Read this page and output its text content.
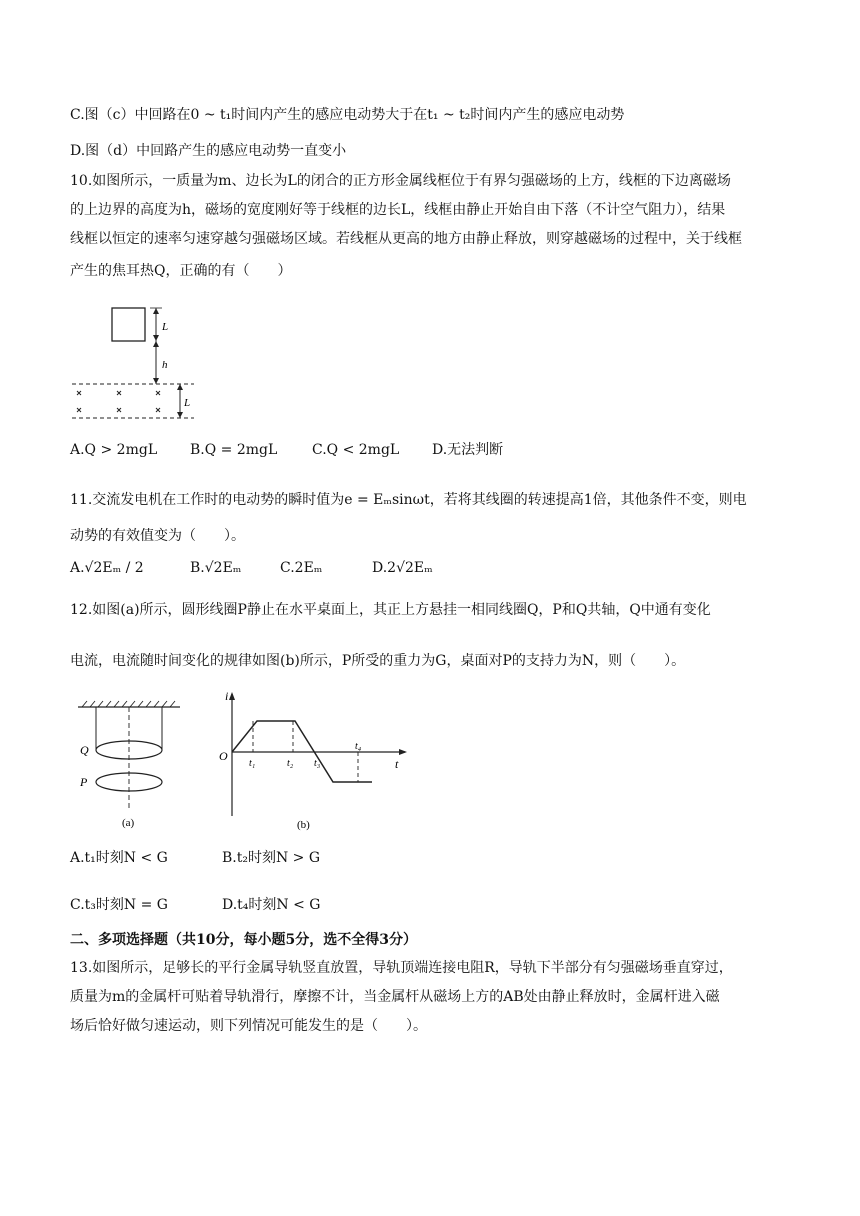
C.图（c）中回路在0 ~ t₁时间内产生的感应电动势大于在t₁ ~ t₂时间内产生的感应电动势
D.图（d）中回路产生的感应电动势一直变小
10.如图所示，一质量为m、边长为L的闭合的正方形金属线框位于有界匀强磁场的上方，线框的下边离磁场
的上边界的高度为h，磁场的宽度刚好等于线框的边长L，线框由静止开始自由下落（不计空气阻力），结果
线框以恒定的速率匀速穿越匀强磁场区域。若线框从更高的地方由静止释放，则穿越磁场的过程中，关于线框
产生的焦耳热Q，正确的有（　　）
L
h
L
A.Q > 2mgL B.Q = 2mgL C.Q < 2mgL D.无法判断
11.交流发电机在工作时的电动势的瞬时值为e = Eₘsinωt，若将其线圈的转速提高1倍，其他条件不变，则电
动势的有效值变为（　　）。
A.√2Eₘ / 2	B.√2Eₘ	C.2Eₘ	D.2√2Eₘ
12.如图(a)所示，圆形线圈P静止在水平桌面上，其正上方悬挂一相同线圈Q，P和Q共轴，Q中通有变化
电流，电流随时间变化的规律如图(b)所示，P所受的重力为G，桌面对P的支持力为N，则（　　）。
Q
P
(a)
i
t
O
t₁	t₂ t₃
t₄
(b)
A.t₁时刻N < G	B.t₂时刻N > G
C.t₃时刻N = G	D.t₄时刻N < G
二、多项选择题（共10分，每小题5分，选不全得3分）
13.如图所示，足够长的平行金属导轨竖直放置，导轨顶端连接电阻R，导轨下半部分有匀强磁场垂直穿过，
质量为m的金属杆可贴着导轨滑行，摩擦不计，当金属杆从磁场上方的AB处由静止释放时，金属杆进入磁
场后恰好做匀速运动，则下列情况可能发生的是（　　）。
